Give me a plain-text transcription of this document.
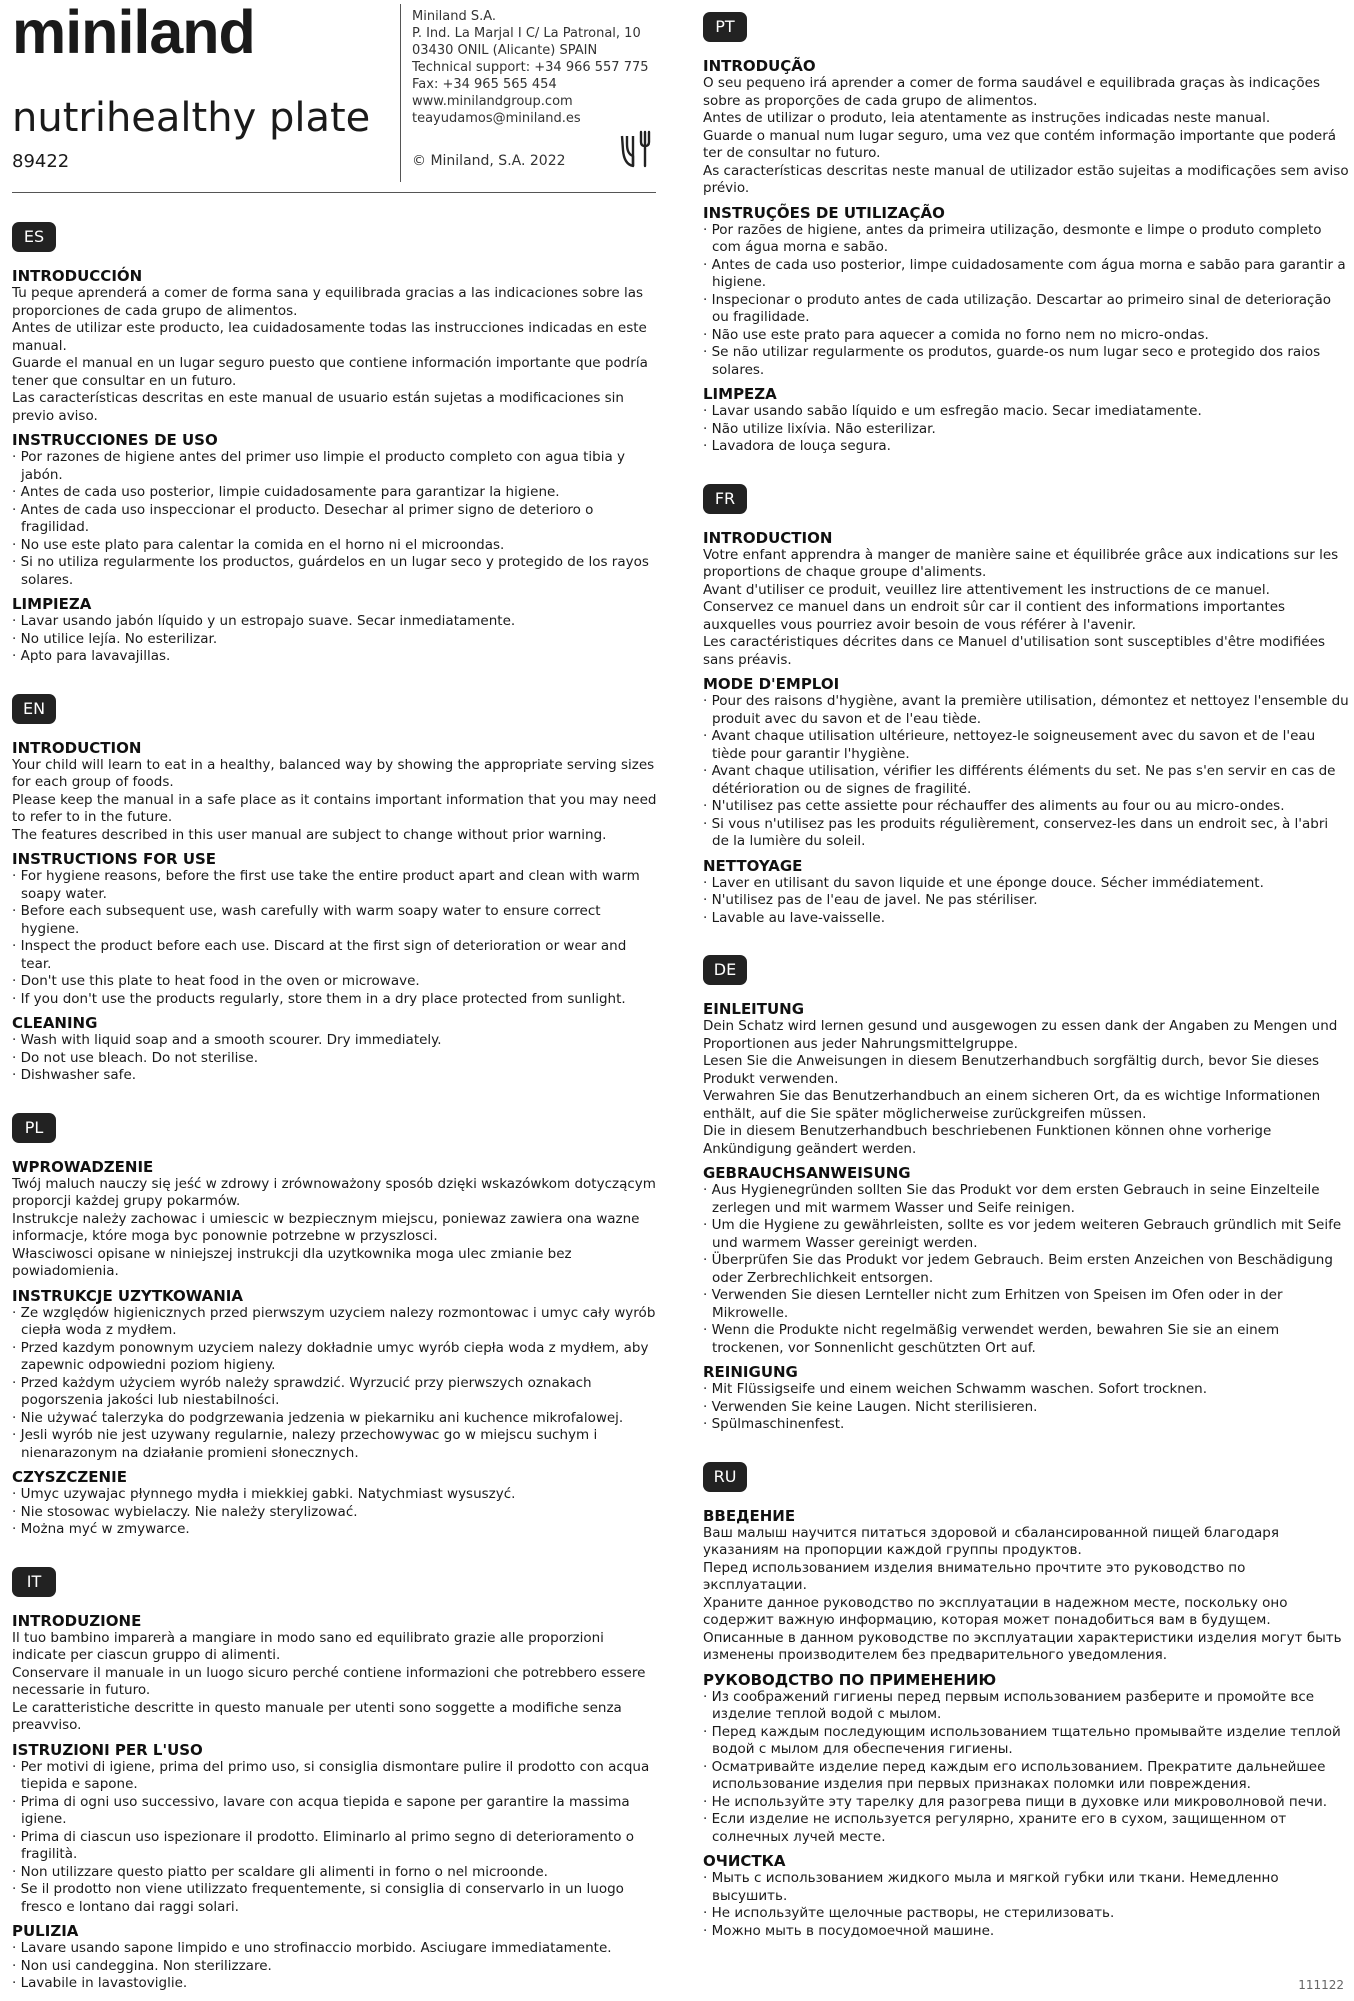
miniland
nutrihealthy plate
89422
Miniland S.A.
P. Ind. La Marjal I C/ La Patronal, 10
03430 ONIL (Alicante) SPAIN
Technical support: +34 966 557 775
Fax: +34 965 565 454
www.minilandgroup.com
teayudamos@miniland.es
© Miniland, S.A. 2022
ES
INTRODUCCIÓN
Tu peque aprenderá a comer de forma sana y equilibrada gracias a las indicaciones sobre las proporciones de cada grupo de alimentos.
Antes de utilizar este producto, lea cuidadosamente todas las instrucciones indicadas en este manual.
Guarde el manual en un lugar seguro puesto que contiene información importante que podría tener que consultar en un futuro.
Las características descritas en este manual de usuario están sujetas a modificaciones sin previo aviso.
INSTRUCCIONES DE USO
· Por razones de higiene antes del primer uso limpie el producto completo con agua tibia y jabón.
· Antes de cada uso posterior, limpie cuidadosamente para garantizar la higiene.
· Antes de cada uso inspeccionar el producto. Desechar al primer signo de deterioro o fragilidad.
· No use este plato para calentar la comida en el horno ni el microondas.
· Si no utiliza regularmente los productos, guárdelos en un lugar seco y protegido de los rayos solares.
LIMPIEZA
· Lavar usando jabón líquido y un estropajo suave. Secar inmediatamente.
· No utilice lejía. No esterilizar.
· Apto para lavavajillas.
EN
INTRODUCTION
Your child will learn to eat in a healthy, balanced way by showing the appropriate serving sizes for each group of foods.
Please keep the manual in a safe place as it contains important information that you may need to refer to in the future.
The features described in this user manual are subject to change without prior warning.
INSTRUCTIONS FOR USE
· For hygiene reasons, before the first use take the entire product apart and clean with warm soapy water.
· Before each subsequent use, wash carefully with warm soapy water to ensure correct hygiene.
· Inspect the product before each use. Discard at the first sign of deterioration or wear and tear.
· Don't use this plate to heat food in the oven or microwave.
· If you don't use the products regularly, store them in a dry place protected from sunlight.
CLEANING
· Wash with liquid soap and a smooth scourer. Dry immediately.
· Do not use bleach. Do not sterilise.
· Dishwasher safe.
PL
WPROWADZENIE
Twój maluch nauczy się jeść w zdrowy i zrównoważony sposób dzięki wskazówkom dotyczącym proporcji każdej grupy pokarmów.
Instrukcje należy zachowac i umiescic w bezpiecznym miejscu, poniewaz zawiera ona wazne informacje, które moga byc ponownie potrzebne w przyszlosci.
Własciwosci opisane w niniejszej instrukcji dla uzytkownika moga ulec zmianie bez powiadomienia.
INSTRUKCJE UZYTKOWANIA
· Ze względów higienicznych przed pierwszym uzyciem nalezy rozmontowac i umyc cały wyrób ciepła woda z mydłem.
· Przed kazdym ponownym uzyciem nalezy dokładnie umyc wyrób ciepła woda z mydłem, aby zapewnic odpowiedni poziom higieny.
· Przed każdym użyciem wyrób należy sprawdzić. Wyrzucić przy pierwszych oznakach pogorszenia jakości lub niestabilności.
· Nie używać talerzyka do podgrzewania jedzenia w piekarniku ani kuchence mikrofalowej.
· Jesli wyrób nie jest uzywany regularnie, nalezy przechowywac go w miejscu suchym i nienarazonym na działanie promieni słonecznych.
CZYSZCZENIE
· Umyc uzywajac płynnego mydła i miekkiej gabki. Natychmiast wysuszyć.
· Nie stosowac wybielaczy. Nie należy sterylizować.
· Można myć w zmywarce.
IT
INTRODUZIONE
Il tuo bambino imparerà a mangiare in modo sano ed equilibrato grazie alle proporzioni indicate per ciascun gruppo di alimenti.
Conservare il manuale in un luogo sicuro perché contiene informazioni che potrebbero essere necessarie in futuro.
Le caratteristiche descritte in questo manuale per utenti sono soggette a modifiche senza preavviso.
ISTRUZIONI PER L'USO
· Per motivi di igiene, prima del primo uso, si consiglia dismontare pulire il prodotto con acqua tiepida e sapone.
· Prima di ogni uso successivo, lavare con acqua tiepida e sapone per garantire la massima igiene.
· Prima di ciascun uso ispezionare il prodotto. Eliminarlo al primo segno di deterioramento o fragilità.
· Non utilizzare questo piatto per scaldare gli alimenti in forno o nel microonde.
· Se il prodotto non viene utilizzato frequentemente, si consiglia di conservarlo in un luogo fresco e lontano dai raggi solari.
PULIZIA
· Lavare usando sapone limpido e uno strofinaccio morbido. Asciugare immediatamente.
· Non usi candeggina. Non sterilizzare.
· Lavabile in lavastoviglie.
PT
INTRODUÇÃO
O seu pequeno irá aprender a comer de forma saudável e equilibrada graças às indicações sobre as proporções de cada grupo de alimentos.
Antes de utilizar o produto, leia atentamente as instruções indicadas neste manual.
Guarde o manual num lugar seguro, uma vez que contém informação importante que poderá ter de consultar no futuro.
As características descritas neste manual de utilizador estão sujeitas a modificações sem aviso prévio.
INSTRUÇÕES DE UTILIZAÇÃO
· Por razões de higiene, antes da primeira utilização, desmonte e limpe o produto completo com água morna e sabão.
· Antes de cada uso posterior, limpe cuidadosamente com água morna e sabão para garantir a higiene.
· Inspecionar o produto antes de cada utilização. Descartar ao primeiro sinal de deterioração ou fragilidade.
· Não use este prato para aquecer a comida no forno nem no micro-ondas.
· Se não utilizar regularmente os produtos, guarde-os num lugar seco e protegido dos raios solares.
LIMPEZA
· Lavar usando sabão líquido e um esfregão macio. Secar imediatamente.
· Não utilize lixívia. Não esterilizar.
· Lavadora de louça segura.
FR
INTRODUCTION
Votre enfant apprendra à manger de manière saine et équilibrée grâce aux indications sur les proportions de chaque groupe d'aliments.
Avant d'utiliser ce produit, veuillez lire attentivement les instructions de ce manuel.
Conservez ce manuel dans un endroit sûr car il contient des informations importantes auxquelles vous pourriez avoir besoin de vous référer à l'avenir.
Les caractéristiques décrites dans ce Manuel d'utilisation sont susceptibles d'être modifiées sans préavis.
MODE D'EMPLOI
· Pour des raisons d'hygiène, avant la première utilisation, démontez et nettoyez l'ensemble du produit avec du savon et de l'eau tiède.
· Avant chaque utilisation ultérieure, nettoyez-le soigneusement avec du savon et de l'eau tiède pour garantir l'hygiène.
· Avant chaque utilisation, vérifier les différents éléments du set. Ne pas s'en servir en cas de détérioration ou de signes de fragilité.
· N'utilisez pas cette assiette pour réchauffer des aliments au four ou au micro-ondes.
· Si vous n'utilisez pas les produits régulièrement, conservez-les dans un endroit sec, à l'abri de la lumière du soleil.
NETTOYAGE
· Laver en utilisant du savon liquide et une éponge douce. Sécher immédiatement.
· N'utilisez pas de l'eau de javel. Ne pas stériliser.
· Lavable au lave-vaisselle.
DE
EINLEITUNG
Dein Schatz wird lernen gesund und ausgewogen zu essen dank der Angaben zu Mengen und Proportionen aus jeder Nahrungsmittelgruppe.
Lesen Sie die Anweisungen in diesem Benutzerhandbuch sorgfältig durch, bevor Sie dieses Produkt verwenden.
Verwahren Sie das Benutzerhandbuch an einem sicheren Ort, da es wichtige Informationen enthält, auf die Sie später möglicherweise zurückgreifen müssen.
Die in diesem Benutzerhandbuch beschriebenen Funktionen können ohne vorherige Ankündigung geändert werden.
GEBRAUCHSANWEISUNG
· Aus Hygienegründen sollten Sie das Produkt vor dem ersten Gebrauch in seine Einzelteile zerlegen und mit warmem Wasser und Seife reinigen.
· Um die Hygiene zu gewährleisten, sollte es vor jedem weiteren Gebrauch gründlich mit Seife und warmem Wasser gereinigt werden.
· Überprüfen Sie das Produkt vor jedem Gebrauch. Beim ersten Anzeichen von Beschädigung oder Zerbrechlichkeit entsorgen.
· Verwenden Sie diesen Lernteller nicht zum Erhitzen von Speisen im Ofen oder in der Mikrowelle.
· Wenn die Produkte nicht regelmäßig verwendet werden, bewahren Sie sie an einem trockenen, vor Sonnenlicht geschützten Ort auf.
REINIGUNG
· Mit Flüssigseife und einem weichen Schwamm waschen. Sofort trocknen.
· Verwenden Sie keine Laugen. Nicht sterilisieren.
· Spülmaschinenfest.
RU
ВВЕДЕНИЕ
Ваш малыш научится питаться здоровой и сбалансированной пищей благодаря указаниям на пропорции каждой группы продуктов.
Перед использованием изделия внимательно прочтите это руководство по эксплуатации.
Храните данное руководство по эксплуатации в надежном месте, поскольку оно содержит важную информацию, которая может понадобиться вам в будущем.
Описанные в данном руководстве по эксплуатации характеристики изделия могут быть изменены производителем без предварительного уведомления.
РУКОВОДСТВО ПО ПРИМЕНЕНИЮ
· Из соображений гигиены перед первым использованием разберите и промойте все изделие теплой водой с мылом.
· Перед каждым последующим использованием тщательно промывайте изделие теплой водой с мылом для обеспечения гигиены.
· Осматривайте изделие перед каждым его использованием. Прекратите дальнейшее использование изделия при первых признаках поломки или повреждения.
· Не используйте эту тарелку для разогрева пищи в духовке или микроволновой печи.
· Если изделие не используется регулярно, храните его в сухом, защищенном от солнечных лучей месте.
ОЧИСТКА
· Мыть с использованием жидкого мыла и мягкой губки или ткани. Немедленно высушить.
· Не используйте щелочные растворы, не стерилизовать.
· Можно мыть в посудомоечной машине.
111122
